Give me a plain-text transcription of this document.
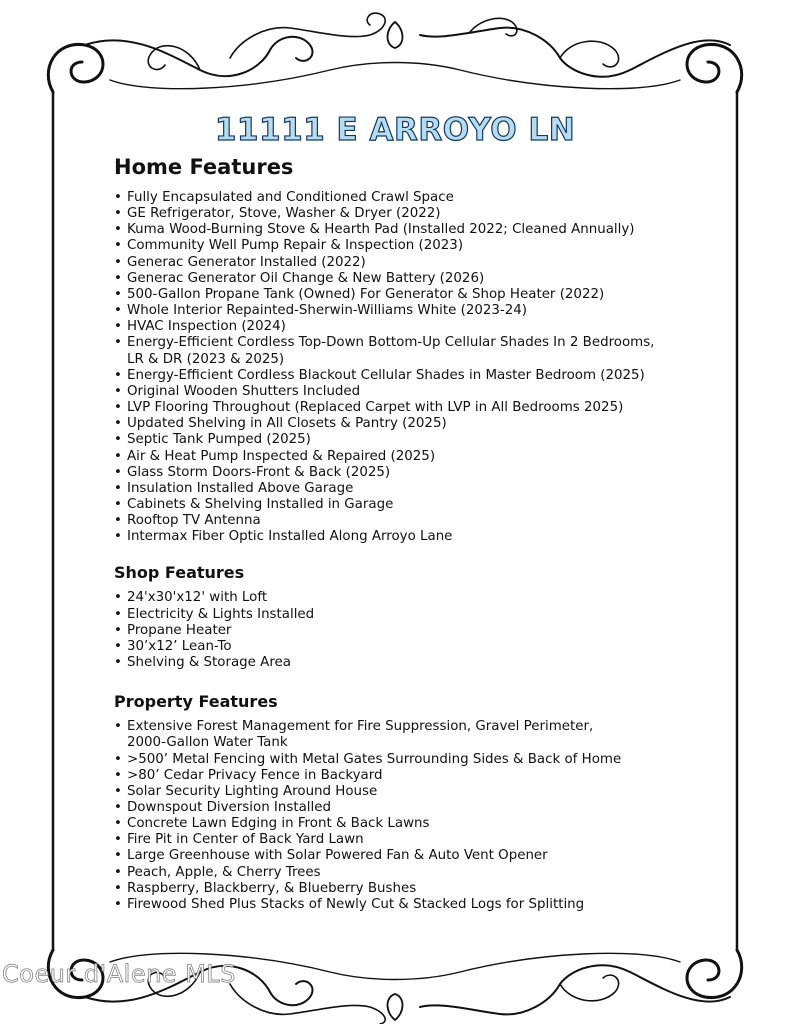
11111 E ARROYO LN
Home Features
• Fully Encapsulated and Conditioned Crawl Space
• GE Refrigerator, Stove, Washer & Dryer (2022)
• Kuma Wood-Burning Stove & Hearth Pad (Installed 2022; Cleaned Annually)
• Community Well Pump Repair & Inspection (2023)
• Generac Generator Installed (2022)
• Generac Generator Oil Change & New Battery (2026)
• 500-Gallon Propane Tank (Owned) For Generator & Shop Heater (2022)
• Whole Interior Repainted-Sherwin-Williams White (2023-24)
• HVAC Inspection (2024)
• Energy-Efficient Cordless Top-Down Bottom-Up Cellular Shades In 2 Bedrooms,
LR & DR (2023 & 2025)
• Energy-Efficient Cordless Blackout Cellular Shades in Master Bedroom (2025)
• Original Wooden Shutters Included
• LVP Flooring Throughout (Replaced Carpet with LVP in All Bedrooms 2025)
• Updated Shelving in All Closets & Pantry (2025)
• Septic Tank Pumped (2025)
• Air & Heat Pump Inspected & Repaired (2025)
• Glass Storm Doors-Front & Back (2025)
• Insulation Installed Above Garage
• Cabinets & Shelving Installed in Garage
• Rooftop TV Antenna
• Intermax Fiber Optic Installed Along Arroyo Lane
Shop Features
• 24'x30'x12' with Loft
• Electricity & Lights Installed
• Propane Heater
• 30’x12’ Lean-To
• Shelving & Storage Area
Property Features
• Extensive Forest Management for Fire Suppression, Gravel Perimeter,
2000-Gallon Water Tank
• >500’ Metal Fencing with Metal Gates Surrounding Sides & Back of Home
• >80’ Cedar Privacy Fence in Backyard
• Solar Security Lighting Around House
• Downspout Diversion Installed
• Concrete Lawn Edging in Front & Back Lawns
• Fire Pit in Center of Back Yard Lawn
• Large Greenhouse with Solar Powered Fan & Auto Vent Opener
• Peach, Apple, & Cherry Trees
• Raspberry, Blackberry, & Blueberry Bushes
• Firewood Shed Plus Stacks of Newly Cut & Stacked Logs for Splitting
Coeur d'Alene MLS
